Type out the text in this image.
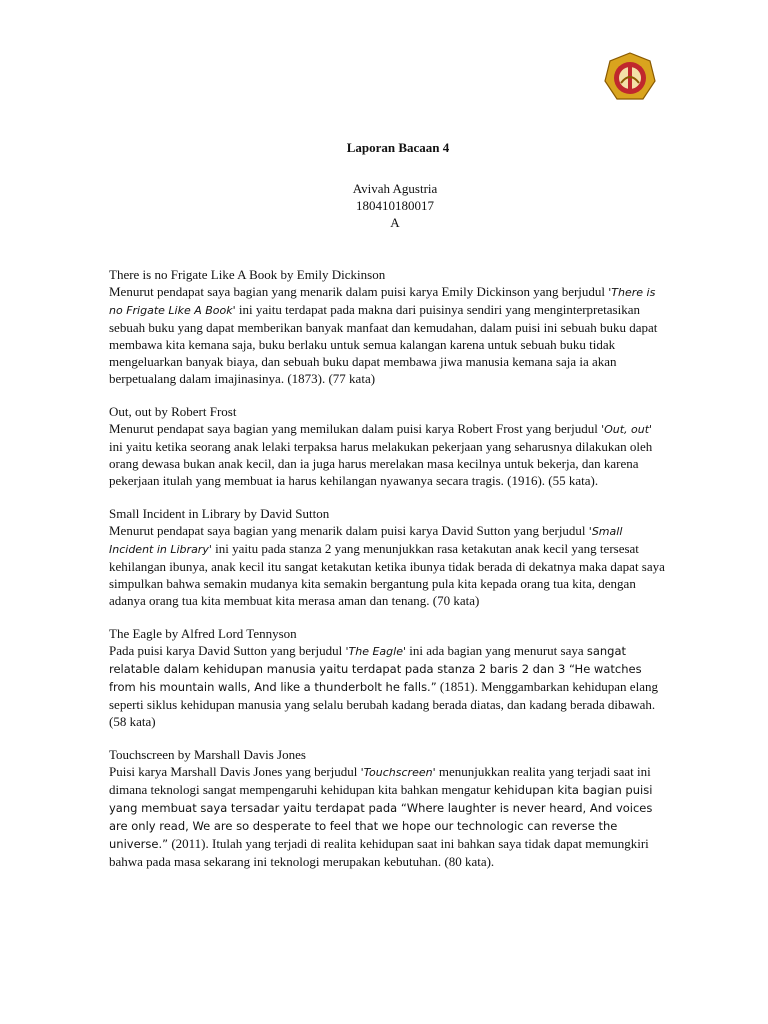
Laporan Bacaan 4
Avivah Agustria
180410180017
A

There is no Frigate Like A Book by Emily Dickinson

Menurut pendapat saya bagian yang menarik dalam puisi karya Emily Dickinson yang berjudul 'There is no Frigate Like A Book' ini yaitu terdapat pada makna dari puisinya sendiri yang menginterpretasikan sebuah buku yang dapat memberikan banyak manfaat dan kemudahan, dalam puisi ini sebuah buku dapat membawa kita kemana saja, buku berlaku untuk semua kalangan karena untuk sebuah buku tidak mengeluarkan banyak biaya, dan sebuah buku dapat membawa jiwa manusia kemana saja ia akan berpetualang dalam imajinasinya. (1873). (77 kata)

Out, out by Robert Frost

Menurut pendapat saya bagian yang memilukan dalam puisi karya Robert Frost yang berjudul 'Out, out' ini yaitu ketika seorang anak lelaki terpaksa harus melakukan pekerjaan yang seharusnya dilakukan oleh orang dewasa bukan anak kecil, dan ia juga harus merelakan masa kecilnya untuk bekerja, dan karena pekerjaan itulah yang membuat ia harus kehilangan nyawanya secara tragis. (1916). (55 kata).

Small Incident in Library by David Sutton

Menurut pendapat saya bagian yang menarik dalam puisi karya David Sutton yang berjudul 'Small Incident in Library' ini yaitu pada stanza 2 yang menunjukkan rasa ketakutan anak kecil yang tersesat kehilangan ibunya, anak kecil itu sangat ketakutan ketika ibunya tidak berada di dekatnya maka dapat saya simpulkan bahwa semakin mudanya kita semakin bergantung pula kita kepada orang tua kita, dengan adanya orang tua kita membuat kita merasa aman dan tenang. (70 kata)

The Eagle by Alfred Lord Tennyson

Pada puisi karya David Sutton yang berjudul 'The Eagle' ini ada bagian yang menurut saya sangat relatable dalam kehidupan manusia yaitu terdapat pada stanza 2 baris 2 dan 3 “He watches from his mountain walls, And like a thunderbolt he falls.” (1851). Menggambarkan kehidupan elang seperti siklus kehidupan manusia yang selalu berubah kadang berada diatas, dan kadang berada dibawah. (58 kata)

Touchscreen by Marshall Davis Jones

Puisi karya Marshall Davis Jones yang berjudul 'Touchscreen' menunjukkan realita yang terjadi saat ini dimana teknologi sangat mempengaruhi kehidupan kita bahkan mengatur kehidupan kita bagian puisi yang membuat saya tersadar yaitu terdapat pada “Where laughter is never heard, And voices are only read, We are so desperate to feel that we hope our technologic can reverse the universe.” (2011). Itulah yang terjadi di realita kehidupan saat ini bahkan saya tidak dapat memungkiri bahwa pada masa sekarang ini teknologi merupakan kebutuhan. (80 kata).
